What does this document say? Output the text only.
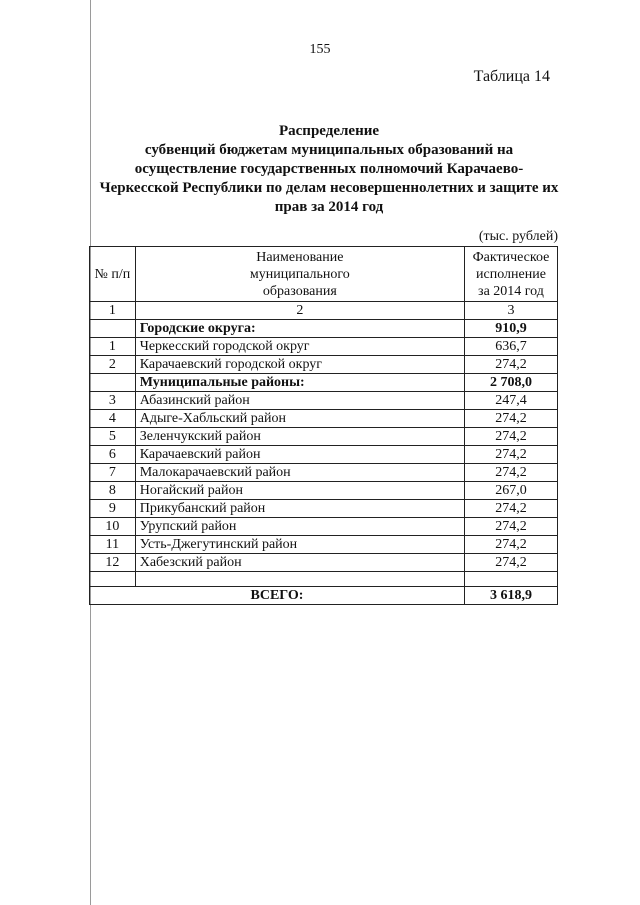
155
Таблица 14
Распределение
субвенций бюджетам муниципальных образований на
осуществление государственных полномочий Карачаево-
Черкесской Республики по делам несовершеннолетних и защите их
прав за 2014 год
(тыс. рублей)
№ п/п	Наименование муниципального образования	Фактическое исполнение за 2014 год
1	2	3
	Городские округа:	910,9
1	Черкесский городской округ	636,7
2	Карачаевский городской округ	274,2
	Муниципальные районы:	2 708,0
3	Абазинский район	247,4
4	Адыге-Хабльский район	274,2
5	Зеленчукский район	274,2
6	Карачаевский район	274,2
7	Малокарачаевский район	274,2
8	Ногайский район	267,0
9	Прикубанский район	274,2
10	Урупский район	274,2
11	Усть-Джегутинский район	274,2
12	Хабезский район	274,2

ВСЕГО:		3 618,9
